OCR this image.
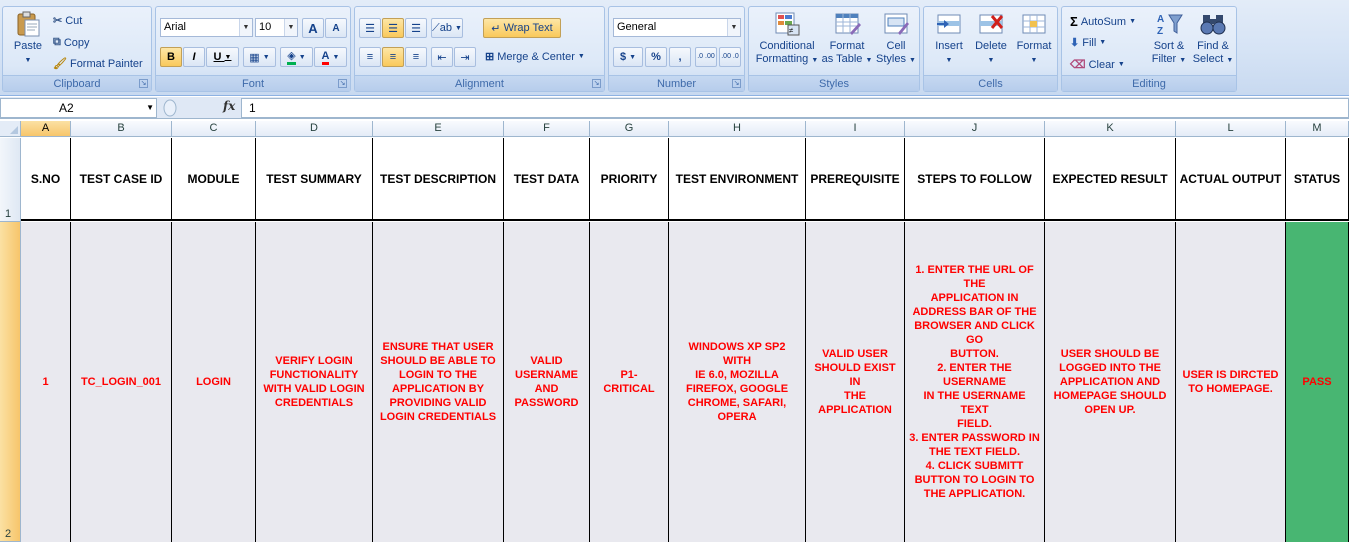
Paste
▼
✂ Cut
⧉ Copy
🖌 Format Painter
Clipboard	↘
Arial	▼ 10	▼ A A
B I U
▼ ▦
▼ ◈
▼ A
▼
Font	↘
☰ ☰ ☰ ⟋ab
▼	↵
Wrap Text
≡ ≡ ≡ ⇤ ⇥ ⊞ Merge & Center ▼
Alignment	↘
General	▼
$
▼ % , .0 .00 .00 .0
Number	↘
≠
Conditional
Formatting ▼
Format
as Table ▼
Cell
Styles ▼
Styles
Insert
▼
Delete
▼
Format
▼
Cells
Σ AutoSum ▼
⬇ Fill ▼
⌫ Clear ▼
A
Z
Sort &
Filter ▼
Find &
Select ▼
Editing
A2	▼	fx	1
A	B	C	D	E	F	G	H	I	J	K	L	M
1
2
S.NO
1
TEST CASE ID
TC_LOGIN_001
MODULE
LOGIN
TEST SUMMARY
VERIFY LOGIN
FUNCTIONALITY
WITH VALID LOGIN
CREDENTIALS
TEST DESCRIPTION
ENSURE THAT USER
SHOULD BE ABLE TO
LOGIN TO THE
APPLICATION BY
PROVIDING VALID
LOGIN CREDENTIALS
TEST DATA
VALID
USERNAME
AND
PASSWORD
PRIORITY
P1- CRITICAL
TEST ENVIRONMENT
WINDOWS XP SP2 WITH
IE 6.0, MOZILLA
FIREFOX, GOOGLE
CHROME, SAFARI,
OPERA
PREREQUISITE
VALID USER
SHOULD EXIST IN
THE
APPLICATION
STEPS TO FOLLOW
1. ENTER THE URL OF THE
APPLICATION IN
ADDRESS BAR OF THE
BROWSER AND CLICK GO
BUTTON.
2. ENTER THE USERNAME
IN THE USERNAME TEXT
FIELD.
3. ENTER PASSWORD IN
THE TEXT FIELD.
4. CLICK SUBMITT
BUTTON TO LOGIN TO
THE APPLICATION.
EXPECTED RESULT
USER SHOULD BE
LOGGED INTO THE
APPLICATION AND
HOMEPAGE SHOULD
OPEN UP.
ACTUAL OUTPUT
USER IS DIRCTED
TO HOMEPAGE.
STATUS
PASS
